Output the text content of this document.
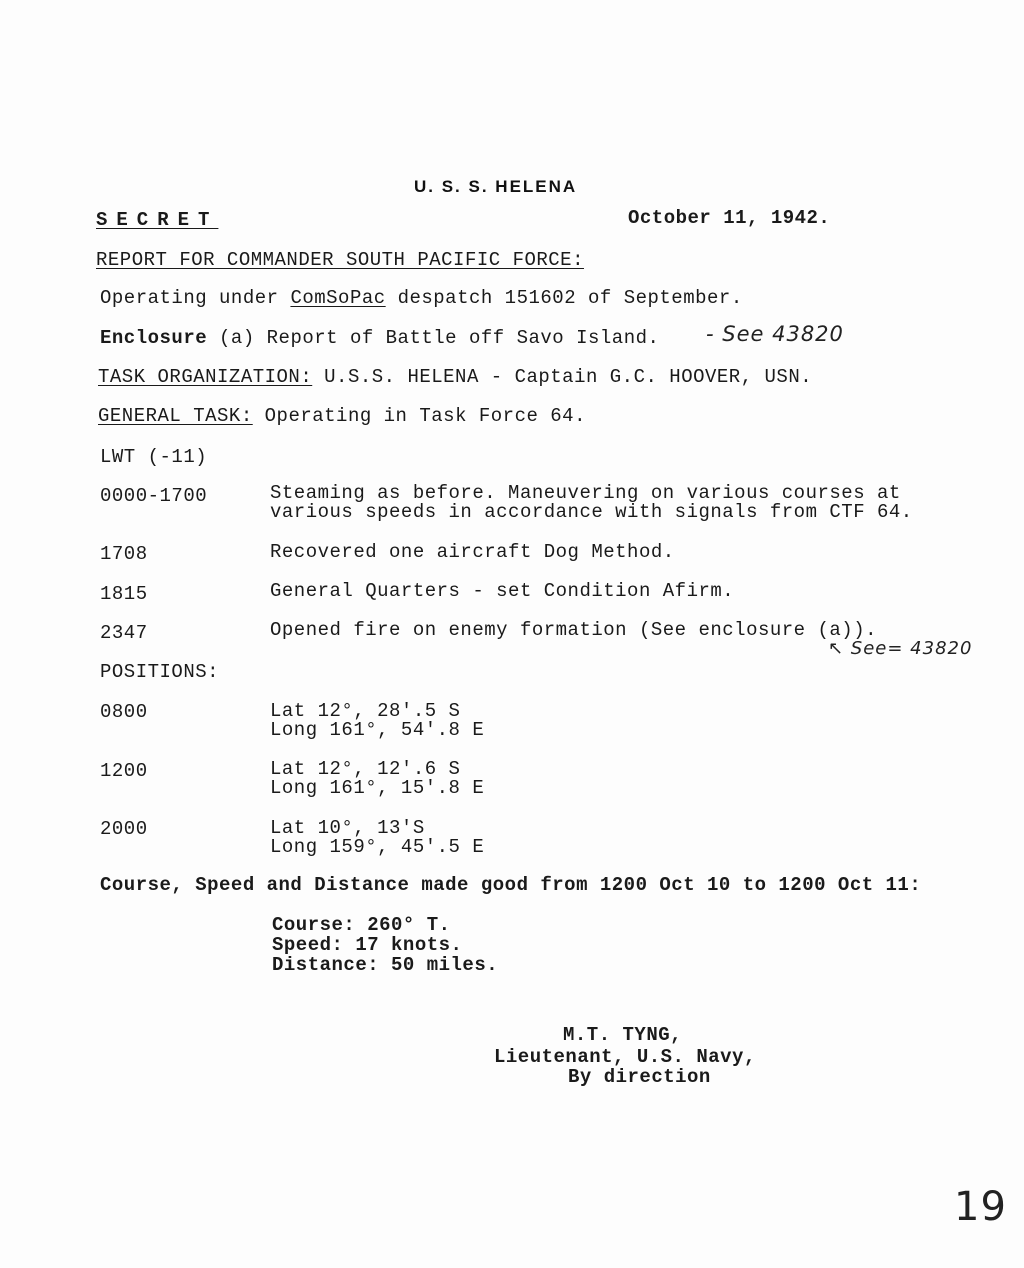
U. S. S. HELENA
SECRET	October 11, 1942.
REPORT FOR COMMANDER SOUTH PACIFIC FORCE:
Operating under ComSoPac despatch 151602 of September.
Enclosure (a) Report of Battle off Savo Island. - See 43820
TASK ORGANIZATION: U.S.S. HELENA - Captain G.C. HOOVER, USN.
GENERAL TASK: Operating in Task Force 64.
LWT (-11)
0000-1700	Steaming as before. Maneuvering on various courses at
various speeds in accordance with signals from CTF 64.
1708	Recovered one aircraft Dog Method.
1815	General Quarters - set Condition Afirm.
2347	Opened fire on enemy formation (See enclosure (a)).
↖ See= 43820
POSITIONS:
0800	Lat 12°, 28'.5 S
Long 161°, 54'.8 E
1200	Lat 12°, 12'.6 S
Long 161°, 15'.8 E
2000	Lat 10°, 13'S
Long 159°, 45'.5 E
Course, Speed and Distance made good from 1200 Oct 10 to 1200 Oct 11:
Course: 260° T.
Speed: 17 knots.
Distance: 50 miles.
M.T. TYNG,
Lieutenant, U.S. Navy,
By direction
19
